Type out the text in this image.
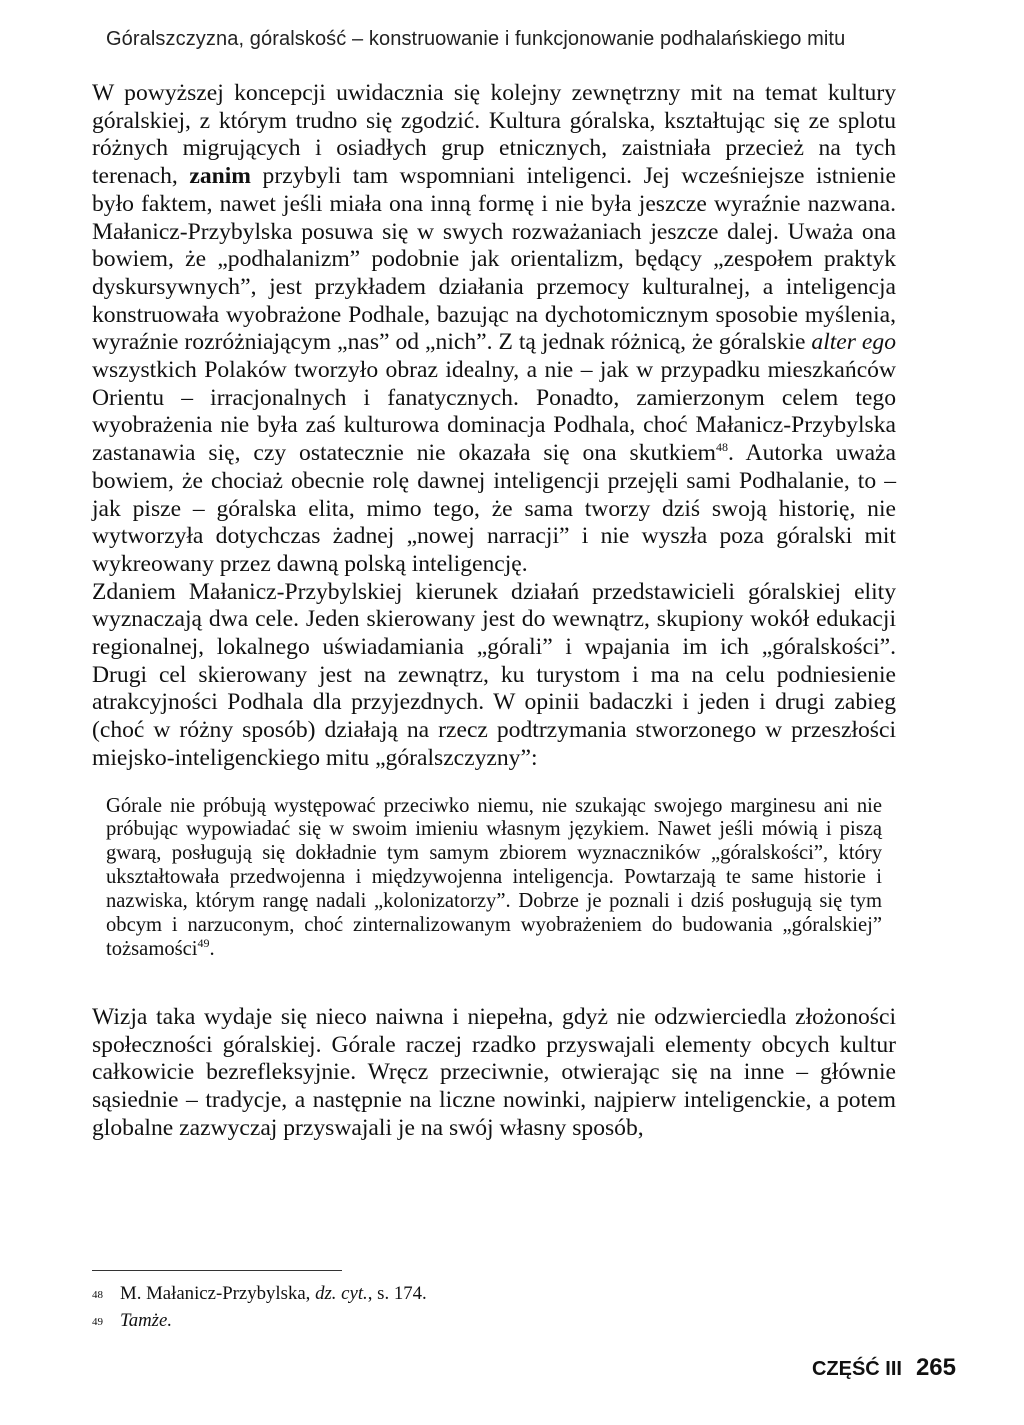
Góralszczyzna, góralskość – konstruowanie i funkcjonowanie podhalańskiego mitu

W powyższej koncepcji uwidacznia się kolejny zewnętrzny mit na temat kultury góralskiej, z którym trudno się zgodzić. Kultura góralska, kształtując się ze splotu różnych migrujących i osiadłych grup etnicznych, zaistniała przecież na tych terenach, zanim przybyli tam wspomniani inteligenci. Jej wcześniejsze istnienie było faktem, nawet jeśli miała ona inną formę i nie była jeszcze wyraźnie nazwana. Małanicz-Przybylska posuwa się w swych rozważaniach jeszcze dalej. Uważa ona bowiem, że „podhalanizm” podobnie jak orientalizm, będący „zespołem praktyk dyskursywnych”, jest przykładem działania przemocy kulturalnej, a inteligencja konstruowała wyobrażone Podhale, bazując na dychotomicznym sposobie myślenia, wyraźnie rozróżniającym „nas” od „nich”. Z tą jednak różnicą, że góralskie alter ego wszystkich Polaków tworzyło obraz idealny, a nie – jak w przypadku mieszkańców Orientu – irracjonalnych i fanatycznych. Ponadto, zamierzonym celem tego wyobrażenia nie była zaś kulturowa dominacja Podhala, choć Małanicz-Przybylska zastanawia się, czy ostatecznie nie okazała się ona skutkiem$^{48}$. Autorka uważa bowiem, że chociaż obecnie rolę dawnej inteligencji przejęli sami Podhalanie, to – jak pisze – góralska elita, mimo tego, że sama tworzy dziś swoją historię, nie wytworzyła dotychczas żadnej „nowej narracji” i nie wyszła poza góralski mit wykreowany przez dawną polską inteligencję.

Zdaniem Małanicz-Przybylskiej kierunek działań przedstawicieli góralskiej elity wyznaczają dwa cele. Jeden skierowany jest do wewnątrz, skupiony wokół edukacji regionalnej, lokalnego uświadamiania „górali” i wpajania im ich „góralskości”. Drugi cel skierowany jest na zewnątrz, ku turystom i ma na celu podniesienie atrakcyjności Podhala dla przyjezdnych. W opinii badaczki i jeden i drugi zabieg (choć w różny sposób) działają na rzecz podtrzymania stworzonego w przeszłości miejsko-inteligenckiego mitu „góralszczyzny”:

Górale nie próbują występować przeciwko niemu, nie szukając swojego marginesu ani nie próbując wypowiadać się w swoim imieniu własnym językiem. Nawet jeśli mówią i piszą gwarą, posługują się dokładnie tym samym zbiorem wyznaczników „góralskości”, który ukształtowała przedwojenna i międzywojenna inteligencja. Powtarzają te same historie i nazwiska, którym rangę nadali „kolonizatorzy”. Dobrze je poznali i dziś posługują się tym obcym i narzuconym, choć zinternalizowanym wyobrażeniem do budowania „góralskiej” tożsamości$^{49}$.

Wizja taka wydaje się nieco naiwna i niepełna, gdyż nie odzwierciedla złożoności społeczności góralskiej. Górale raczej rzadko przyswajali elementy obcych kultur całkowicie bezrefleksyjnie. Wręcz przeciwnie, otwierając się na inne – głównie sąsiednie – tradycje, a następnie na liczne nowinki, najpierw inteligenckie, a potem globalne zazwyczaj przyswajali je na swój własny sposób,

48 M. Małanicz-Przybylska, dz. cyt., s. 174.
49 Tamże.
CZĘŚĆ III 265
